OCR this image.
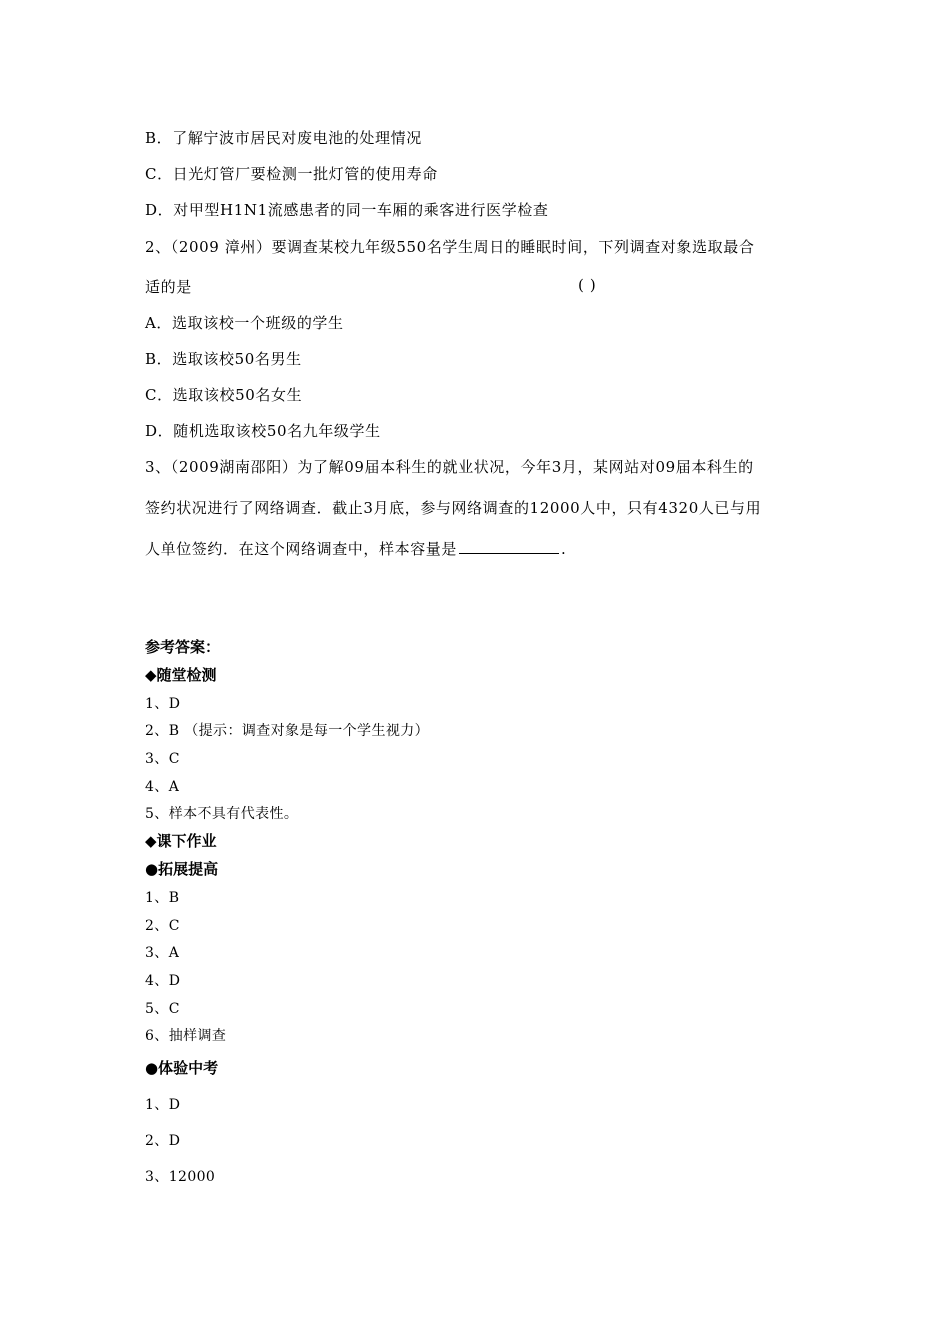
B．了解宁波市居民对废电池的处理情况
C．日光灯管厂要检测一批灯管的使用寿命
D．对甲型H1N1流感患者的同一车厢的乘客进行医学检查
2、（2009 漳州）要调查某校九年级550名学生周日的睡眠时间，下列调查对象选取最合
适的是	( )
A．选取该校一个班级的学生
B．选取该校50名男生
C．选取该校50名女生
D．随机选取该校50名九年级学生
3、（2009湖南邵阳）为了解09届本科生的就业状况，今年3月，某网站对09届本科生的
签约状况进行了网络调查．截止3月底，参与网络调查的12000人中，只有4320人已与用
人单位签约．在这个网络调查中，样本容量是	.
参考答案：
◆随堂检测
1、D
2、B （提示：调查对象是每一个学生视力）
3、C
4、A
5、样本不具有代表性。
◆课下作业
●拓展提高
1、B
2、C
3、A
4、D
5、C
6、抽样调查
●体验中考
1、D
2、D
3、12000
